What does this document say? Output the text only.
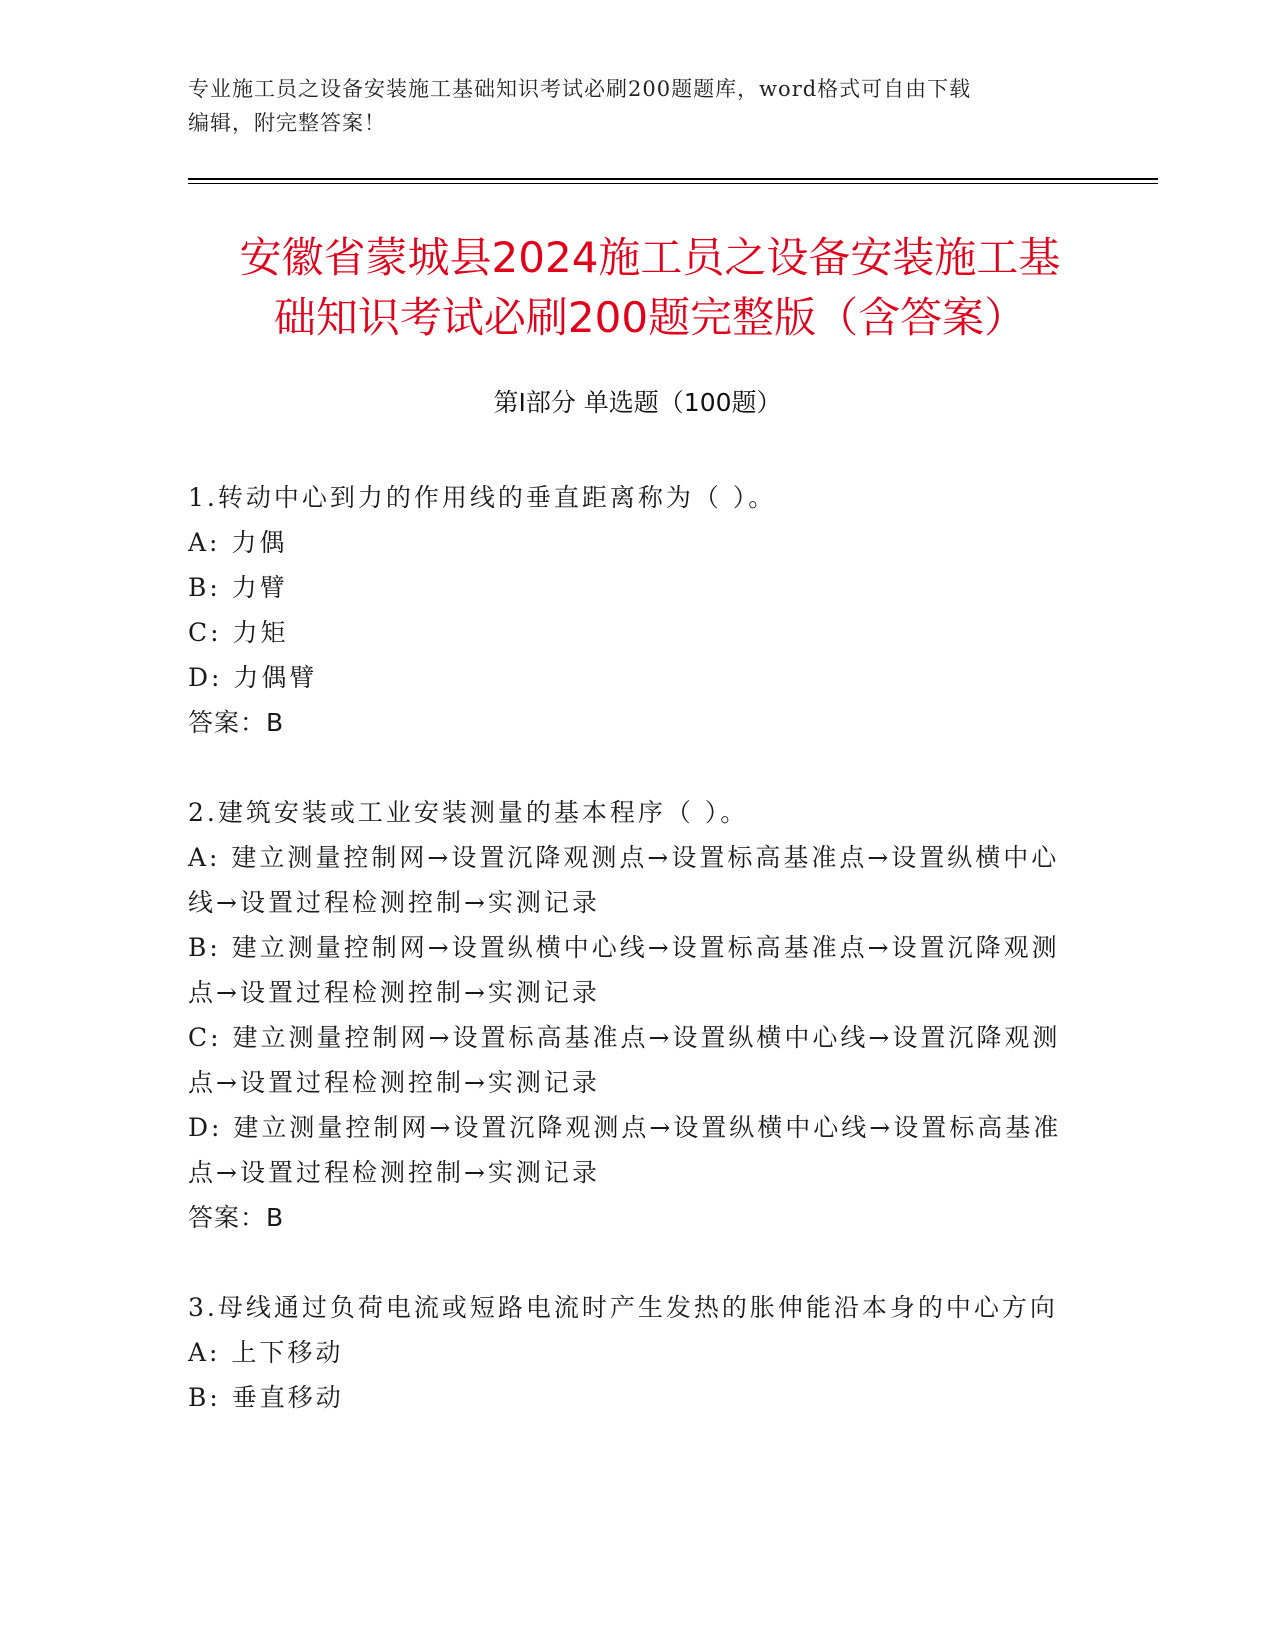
专业施工员之设备安装施工基础知识考试必刷200题题库，word格式可自由下载
编辑，附完整答案！
安徽省蒙城县2024施工员之设备安装施工基
础知识考试必刷200题完整版（含答案）
第Ⅰ部分 单选题（100题）
1.转动中心到力的作用线的垂直距离称为（ ）。
A: 力偶
B: 力臂
C: 力矩
D: 力偶臂
答案：B
2.建筑安装或工业安装测量的基本程序（ ）。
A: 建立测量控制网→设置沉降观测点→设置标高基准点→设置纵横中心线→设置过程检测控制→实测记录
B: 建立测量控制网→设置纵横中心线→设置标高基准点→设置沉降观测点→设置过程检测控制→实测记录
C: 建立测量控制网→设置标高基准点→设置纵横中心线→设置沉降观测点→设置过程检测控制→实测记录
D: 建立测量控制网→设置沉降观测点→设置纵横中心线→设置标高基准点→设置过程检测控制→实测记录
答案：B
3.母线通过负荷电流或短路电流时产生发热的胀伸能沿本身的中心方向
A: 上下移动
B: 垂直移动
